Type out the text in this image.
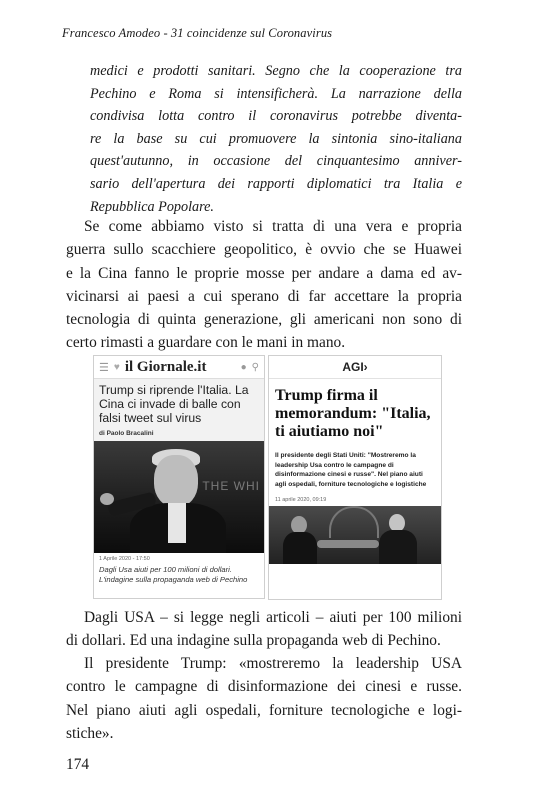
Francesco Amodeo - 31 coincidenze sul Coronavirus
medici e prodotti sanitari. Segno che la cooperazione tra
Pechino e Roma si intensificherà. La narrazione della
condivisa lotta contro il coronavirus potrebbe diventa-
re la base su cui promuovere la sintonia sino-italiana
quest'autunno, in occasione del cinquantesimo anniver-
sario dell'apertura dei rapporti diplomatici tra Italia e
Repubblica Popolare.
Se come abbiamo visto si tratta di una vera e propria
guerra sullo scacchiere geopolitico, è ovvio che se Huawei
e la Cina fanno le proprie mosse per andare a dama ed av-
vicinarsi ai paesi a cui sperano di far accettare la propria
tecnologia di quinta generazione, gli americani non sono di
certo rimasti a guardare con le mani in mano.
☰ ♥ il Giornale.it	● ⚲
Trump si riprende l'Italia. La Cina ci invade di balle con falsi tweet sul virus
di Paolo Bracalini
THE WHI
1 Aprile 2020 - 17:50
Dagli Usa aiuti per 100 milioni di dollari. L'indagine sulla propaganda web di Pechino
AGI›
Trump firma il memorandum: "Italia, ti aiutiamo noi"
Il presidente degli Stati Uniti: "Mostreremo la leadership Usa contro le campagne di disinformazione cinesi e russe". Nel piano aiuti agli ospedali, forniture tecnologiche e logistiche
11 aprile 2020, 09:19
Dagli USA – si legge negli articoli – aiuti per 100 milioni
di dollari. Ed una indagine sulla propaganda web di Pechino.
Il presidente Trump: «mostreremo la leadership USA
contro le campagne di disinformazione dei cinesi e russe.
Nel piano aiuti agli ospedali, forniture tecnologiche e logi-
stiche».
174
